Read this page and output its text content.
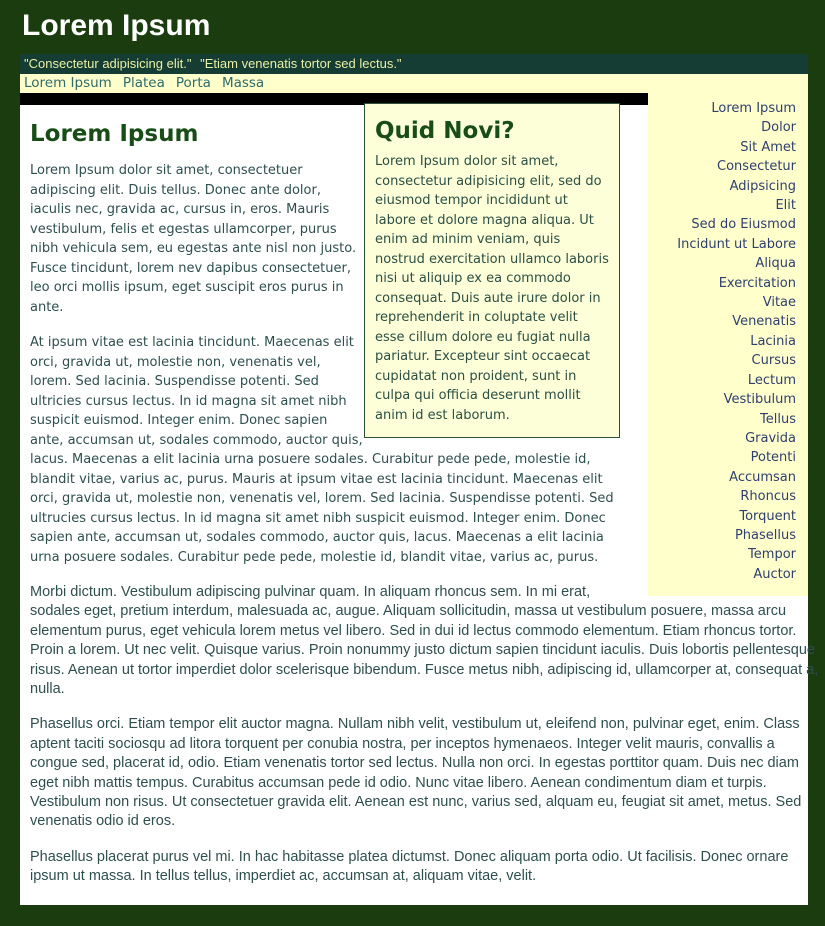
Lorem Ipsum
"Consectetur adipisicing elit." "Etiam venenatis tortor sed lectus."
Lorem Ipsum Platea Porta Massa
Lorem Ipsum
Dolor
Sit Amet
Consectetur
Adipsicing
Elit
Sed do Eiusmod
Incidunt ut Labore
Aliqua
Exercitation
Vitae
Venenatis
Lacinia
Cursus
Lectum
Vestibulum
Tellus
Gravida
Potenti
Accumsan
Rhoncus
Torquent
Phasellus
Tempor
Auctor
Quid Novi?

Lorem Ipsum dolor sit amet, consectetur adipisicing elit, sed do eiusmod tempor incididunt ut labore et dolore magna aliqua. Ut enim ad minim veniam, quis nostrud exercitation ullamco laboris nisi ut aliquip ex ea commodo consequat. Duis aute irure dolor in reprehenderit in coluptate velit esse cillum dolore eu fugiat nulla pariatur. Excepteur sint occaecat cupidatat non proident, sunt in culpa qui officia deserunt mollit anim id est laborum.

Lorem Ipsum

Lorem Ipsum dolor sit amet, consectetuer adipiscing elit. Duis tellus. Donec ante dolor, iaculis nec, gravida ac, cursus in, eros. Mauris vestibulum, felis et egestas ullamcorper, purus nibh vehicula sem, eu egestas ante nisl non justo. Fusce tincidunt, lorem nev dapibus consectetuer, leo orci mollis ipsum, eget suscipit eros purus in ante.

At ipsum vitae est lacinia tincidunt. Maecenas elit orci, gravida ut, molestie non, venenatis vel, lorem. Sed lacinia. Suspendisse potenti. Sed ultricies cursus lectus. In id magna sit amet nibh suspicit euismod. Integer enim. Donec sapien ante, accumsan ut, sodales commodo, auctor quis, lacus. Maecenas a elit lacinia urna posuere sodales. Curabitur pede pede, molestie id, blandit vitae, varius ac, purus. Mauris at ipsum vitae est lacinia tincidunt. Maecenas elit orci, gravida ut, molestie non, venenatis vel, lorem. Sed lacinia. Suspendisse potenti. Sed ultrucies cursus lectus. In id magna sit amet nibh suspicit euismod. Integer enim. Donec sapien ante, accumsan ut, sodales commodo, auctor quis, lacus. Maecenas a elit lacinia urna posuere sodales. Curabitur pede pede, molestie id, blandit vitae, varius ac, purus.

Morbi dictum. Vestibulum adipiscing pulvinar quam. In aliquam rhoncus sem. In mi erat, sodales eget, pretium interdum, malesuada ac, augue. Aliquam sollicitudin, massa ut vestibulum posuere, massa arcu elementum purus, eget vehicula lorem metus vel libero. Sed in dui id lectus commodo elementum. Etiam rhoncus tortor. Proin a lorem. Ut nec velit. Quisque varius. Proin nonummy justo dictum sapien tincidunt iaculis. Duis lobortis pellentesque risus. Aenean ut tortor imperdiet dolor scelerisque bibendum. Fusce metus nibh, adipiscing id, ullamcorper at, consequat a, nulla.

Phasellus orci. Etiam tempor elit auctor magna. Nullam nibh velit, vestibulum ut, eleifend non, pulvinar eget, enim. Class aptent taciti sociosqu ad litora torquent per conubia nostra, per inceptos hymenaeos. Integer velit mauris, convallis a congue sed, placerat id, odio. Etiam venenatis tortor sed lectus. Nulla non orci. In egestas porttitor quam. Duis nec diam eget nibh mattis tempus. Curabitus accumsan pede id odio. Nunc vitae libero. Aenean condimentum diam et turpis. Vestibulum non risus. Ut consectetuer gravida elit. Aenean est nunc, varius sed, alquam eu, feugiat sit amet, metus. Sed venenatis odio id eros.

Phasellus placerat purus vel mi. In hac habitasse platea dictumst. Donec aliquam porta odio. Ut facilisis. Donec ornare ipsum ut massa. In tellus tellus, imperdiet ac, accumsan at, aliquam vitae, velit.
